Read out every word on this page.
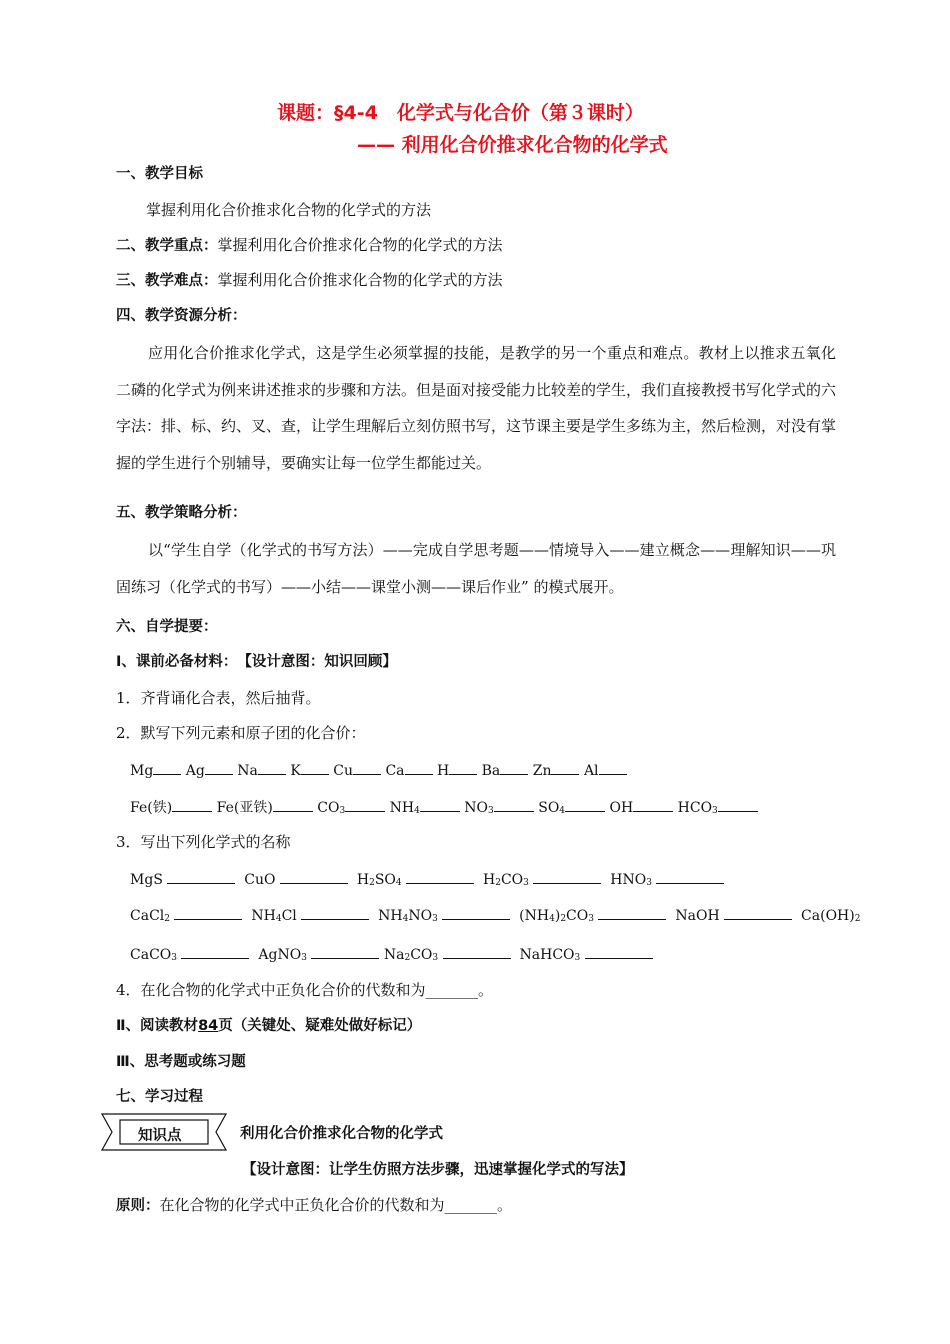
课题：§4-4　化学式与化合价（第３课时）
—— 利用化合价推求化合物的化学式
一、教学目标
掌握利用化合价推求化合物的化学式的方法
二、教学重点：掌握利用化合价推求化合物的化学式的方法
三、教学难点：掌握利用化合价推求化合物的化学式的方法
四、教学资源分析：
应用化合价推求化学式，这是学生必须掌握的技能，是教学的另一个重点和难点。教材上以推求五氧化二磷的化学式为例来讲述推求的步骤和方法。但是面对接受能力比较差的学生，我们直接教授书写化学式的六字法：排、标、约、叉、查，让学生理解后立刻仿照书写，这节课主要是学生多练为主，然后检测，对没有掌握的学生进行个别辅导，要确实让每一位学生都能过关。
五、教学策略分析：
以“学生自学（化学式的书写方法）——完成自学思考题——情境导入——建立概念——理解知识——巩固练习（化学式的书写）——小结——课堂小测——课后作业” 的模式展开。
六、自学提要：
Ⅰ、课前必备材料：　【设计意图：知识回顾】
1．齐背诵化合表，然后抽背。
2．默写下列元素和原子团的化合价：
Mg Ag Na K Cu Ca H Ba Zn Al
Fe(铁)	Fe(亚铁)	$CO_3$	$NH_4$	$NO_3$	$SO_4$	OH	$HCO_3$
3．写出下列化学式的名称
MgS	CuO	$H_2SO_4$	$H_2CO_3$	$HNO_3$
CaCl$_2$	$NH_4Cl$	$NH_4NO_3$	$(NH_4)_2CO_3$	NaOH	$Ca(OH)_2$
CaCO$_3$	AgNO$_3$	$Na_2CO_3$	NaHCO$_3$
4．在化合物的化学式中正负化合价的代数和为_______。
Ⅱ、阅读教材84页（关键处、疑难处做好标记）
Ⅲ、思考题或练习题
七、学习过程
知识点	利用化合价推求化合物的化学式
【设计意图：让学生仿照方法步骤，迅速掌握化学式的写法】
原则：在化合物的化学式中正负化合价的代数和为_______。
